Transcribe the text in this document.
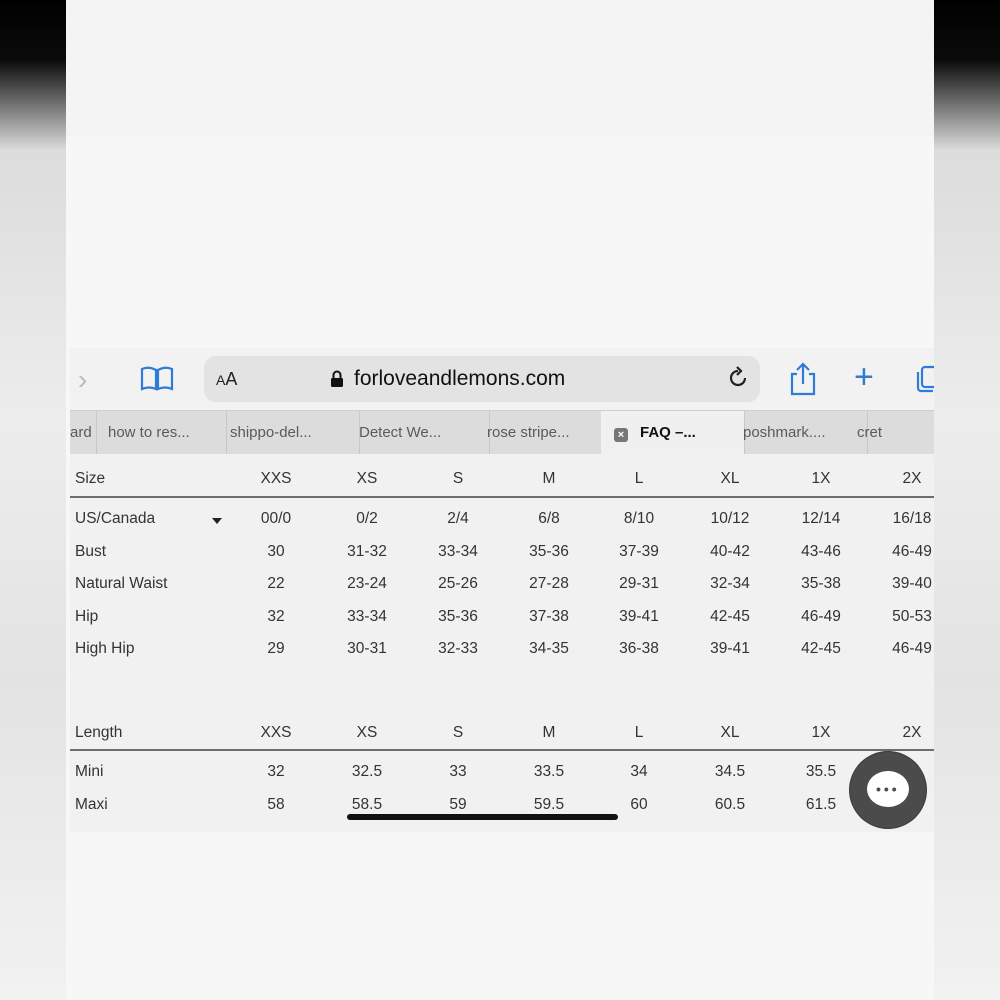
›	AA	forloveandlemons.com	+
ard	how to res...	shippo-del...	Detect We...	rose stripe...	× FAQ –...	poshmark....	cret
Size	XXS	XS	S	M	L	XL	1X	2X
US/Canada	00/0	0/2	2/4	6/8	8/10	10/12	12/14	16/18
Bust	30	31-32	33-34	35-36	37-39	40-42	43-46	46-49
Natural Waist	22	23-24	25-26	27-28	29-31	32-34	35-38	39-40
Hip	32	33-34	35-36	37-38	39-41	42-45	46-49	50-53
High Hip	29	30-31	32-33	34-35	36-38	39-41	42-45	46-49
Length	XXS	XS	S	M	L	XL	1X	2X
Mini	32	32.5	33	33.5	34	34.5	35.5
Maxi	58	58.5	59	59.5	60	60.5	61.5
•••
